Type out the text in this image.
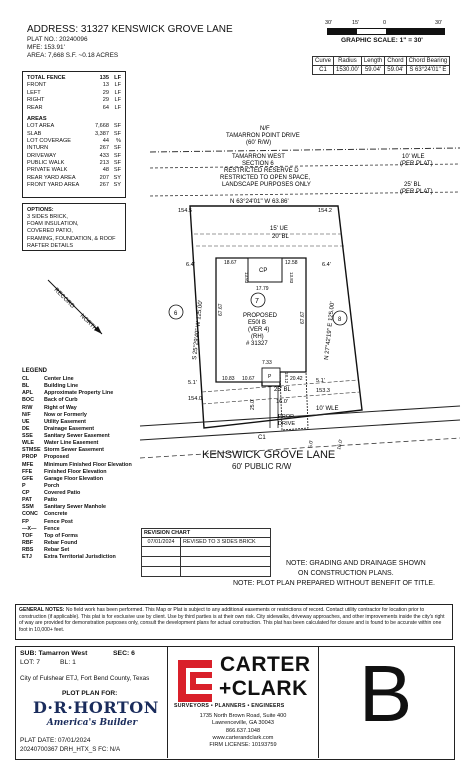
ADDRESS: 31327 KENSWICK GROVE LANE
PLAT NO.: 20240096
MFE: 153.91'
AREA: 7,668 S.F. ~0.18 ACRES
30'	15'	0	30'
GRAPHIC SCALE: 1" = 30'
Curve	Radius	Length	Chord	Chord Bearing
C1	1530.00'	59.04'	59.04'	S 63°24'01" E
TOTAL FENCE	135 LF
FRONT	13 LF
LEFT	29 LF
RIGHT	29 LF
REAR	64 LF
AREAS
LOT AREA	7,668 SF
SLAB	3,387 SF
LOT COVERAGE	44 %
INTURN	267 SF
DRIVEWAY	433 SF
PUBLIC WALK	213 SF
PRIVATE WALK	48 SF
REAR YARD AREA	207 SY
FRONT YARD AREA	267 SY
OPTIONS:
3 SIDES BRICK,
FOAM INSULATION,
COVERED PATIO,
FRAMING, FOUNDATION, & ROOF
RAFTER DETAILS
RECORD
NORTH
LEGEND
CL	Center Line
BL	Building Line
APL	Approximate Property Line
BOC	Back of Curb
R/W	Right of Way
N/F	Now or Formerly
UE	Utility Easement
DE	Drainage Easement
SSE	Sanitary Sewer Easement
WLE	Water Line Easement
STMSE Storm Sewer Easement
PROP	Proposed
MFE	Minimum Finished Floor Elevation
FFE	Finished Floor Elevation
GFE	Garage Floor Elevation
P	Porch
CP	Covered Patio
PAT	Patio
SSM	Sanitary Sewer Manhole
CONC	Concrete
FP	Fence Post
—X—	Fence
TOF	Top of Forms
RBF	Rebar Found
RBS	Rebar Set
ETJ	Extra Territorial Jurisdiction
N/F
TAMARRON POINT DRIVE
(60' R/W)
TAMARRON WEST
SECTION 6
RESTRICTED RESERVE D
RESTRICTED TO OPEN SPACE,
LANDSCAPE PURPOSES ONLY
10' WLE
(PER PLAT)
25' BL
(PER PLAT)
N 63°24'01" W 63.86'
154.5	154.2
15' UE
20' BL
6.4'	6.4'
18.67	12.58
CP
13.83	13.83
17.79
7
PROPOSED
E50I B
(VER 4)
(RH)
# 31327
67.67
67.67
S 25°29'40" W 125.00'	N 27°42'19" E 125.00'
6
8
7.33
10.83 10.67	18.12 20.42
5.1'	5.1'
P
25' BL
154.0
153.3
16.0'
10' WLE
25.0'
PROP
DRIVE
C1
5.0'	16.0'
KENSWICK GROVE LANE
60' PUBLIC R/W
REVISION CHART	
07/01/2024	REVISED TO 3 SIDES BRICK

NOTE: GRADING AND DRAINAGE SHOWN
ON CONSTRUCTION PLANS.
NOTE: PLOT PLAN PREPARED WITHOUT BENEFIT OF TITLE.
GENERAL NOTES: No field work has been performed. This Map or Plat is subject to any additional easements or restrictions of record. Contact utility contractor for location prior to construction (if applicable). This plat is for exclusive use by client. Use by third parties is at their own risk. City sidewalks, driveway approaches, and other improvements inside the city's right of way are provided for demonstration purposes only, consult the development plans for actual construction. This plat has been calculated for closure and is found to be accurate within one foot in 10,000+ feet.
SUB: Tamarron West	SEC: 6
LOT: 7	BL: 1
City of Fulshear ETJ, Fort Bend County, Texas
PLOT PLAN FOR:
D·R·HORTON
America's Builder
PLAT DATE: 07/01/2024
20240700367 DRH_HTX_S FC: N/A
CARTER
+CLARK
SURVEYORS • PLANNERS • ENGINEERS
1735 North Brown Road, Suite 400
Lawrenceville, GA 30043
866.637.1048
www.carterandclark.com
FIRM LICENSE: 10193759
B
